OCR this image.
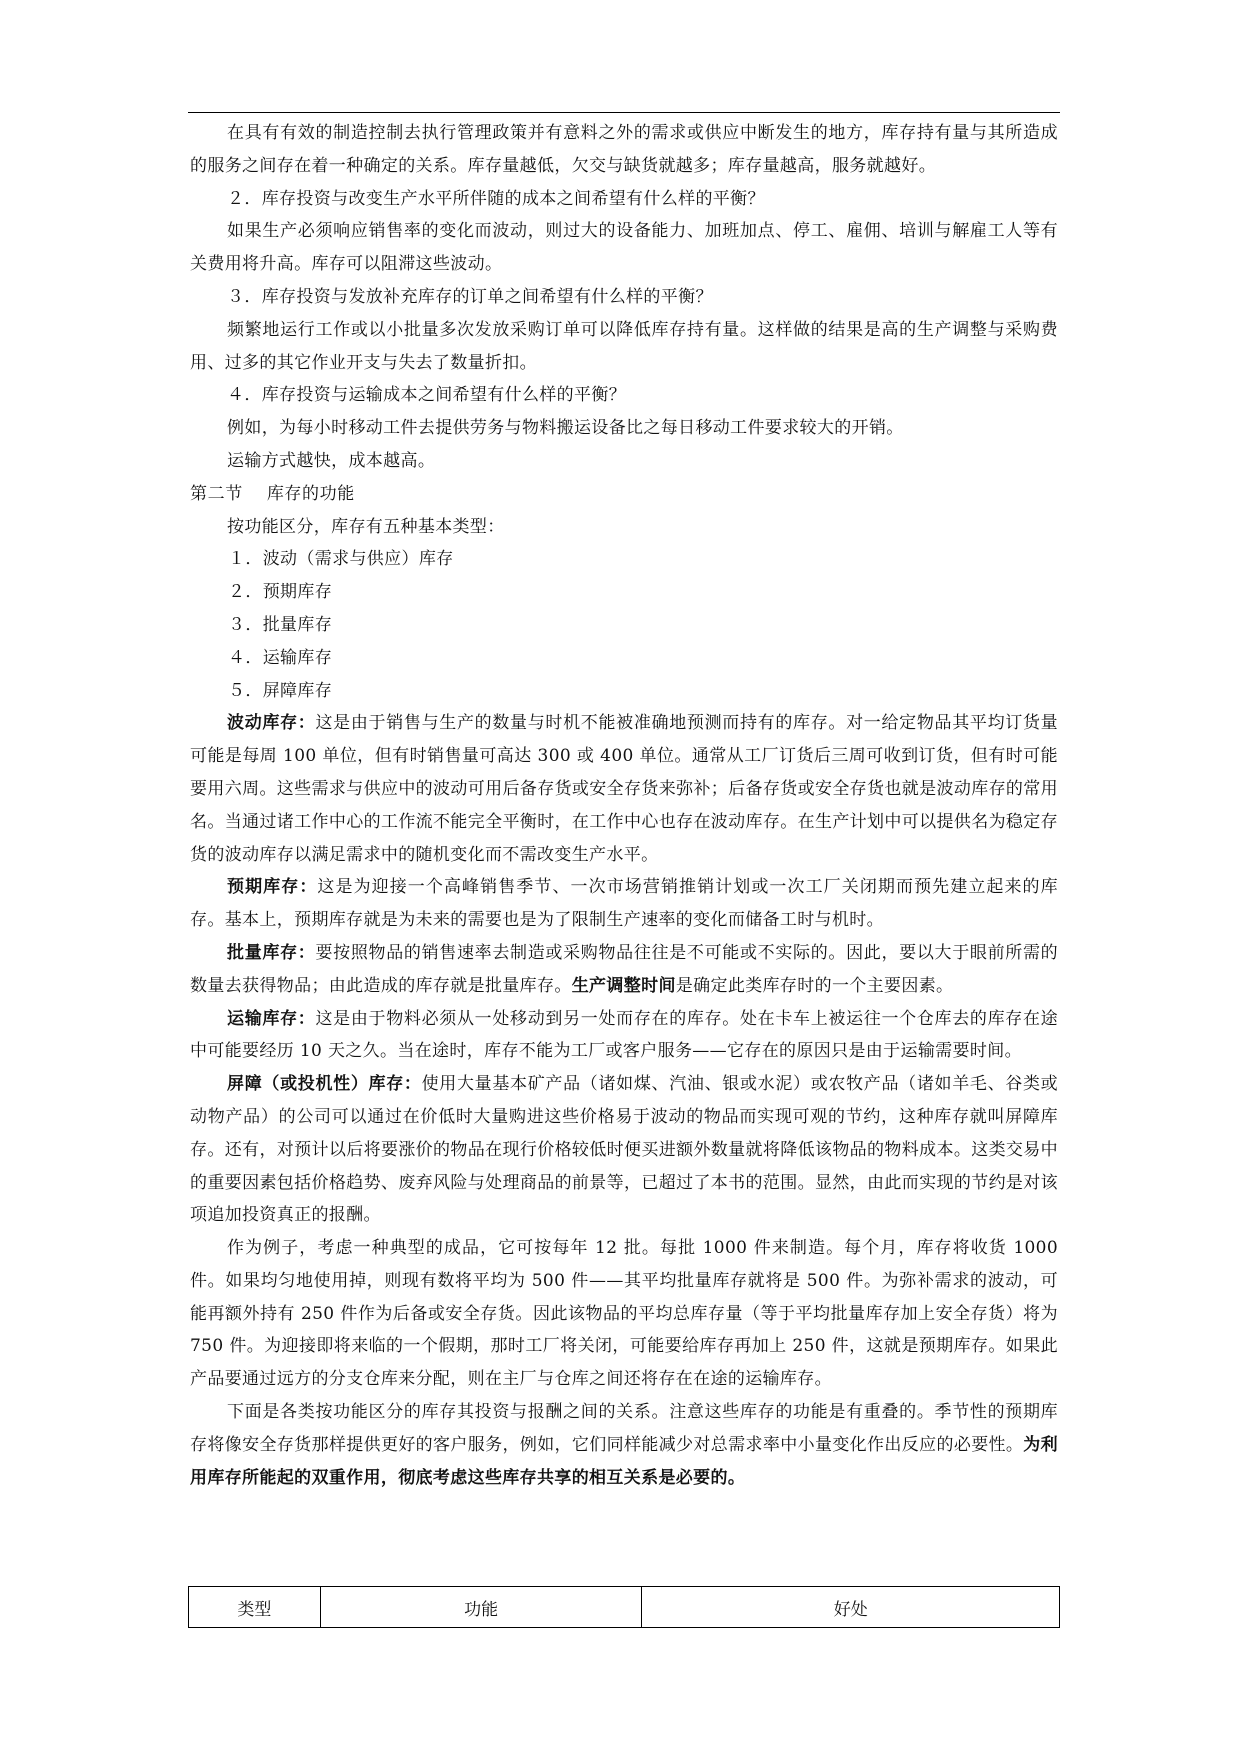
在具有有效的制造控制去执行管理政策并有意料之外的需求或供应中断发生的地方，库存持有量与其所造成的服务之间存在着一种确定的关系。库存量越低，欠交与缺货就越多；库存量越高，服务就越好。

２．库存投资与改变生产水平所伴随的成本之间希望有什么样的平衡？

如果生产必须响应销售率的变化而波动，则过大的设备能力、加班加点、停工、雇佣、培训与解雇工人等有关费用将升高。库存可以阻滞这些波动。

３．库存投资与发放补充库存的订单之间希望有什么样的平衡？

频繁地运行工作或以小批量多次发放采购订单可以降低库存持有量。这样做的结果是高的生产调整与采购费用、过多的其它作业开支与失去了数量折扣。

４．库存投资与运输成本之间希望有什么样的平衡？

例如，为每小时移动工件去提供劳务与物料搬运设备比之每日移动工件要求较大的开销。

运输方式越快，成本越高。

第二节 库存的功能

按功能区分，库存有五种基本类型：

１．波动（需求与供应）库存

２．预期库存

３．批量库存

４．运输库存

５．屏障库存

波动库存：这是由于销售与生产的数量与时机不能被准确地预测而持有的库存。对一给定物品其平均订货量可能是每周 100 单位，但有时销售量可高达 300 或 400 单位。通常从工厂订货后三周可收到订货，但有时可能要用六周。这些需求与供应中的波动可用后备存货或安全存货来弥补；后备存货或安全存货也就是波动库存的常用名。当通过诸工作中心的工作流不能完全平衡时，在工作中心也存在波动库存。在生产计划中可以提供名为稳定存货的波动库存以满足需求中的随机变化而不需改变生产水平。

预期库存：这是为迎接一个高峰销售季节、一次市场营销推销计划或一次工厂关闭期而预先建立起来的库存。基本上，预期库存就是为未来的需要也是为了限制生产速率的变化而储备工时与机时。

批量库存：要按照物品的销售速率去制造或采购物品往往是不可能或不实际的。因此，要以大于眼前所需的数量去获得物品；由此造成的库存就是批量库存。生产调整时间是确定此类库存时的一个主要因素。

运输库存：这是由于物料必须从一处移动到另一处而存在的库存。处在卡车上被运往一个仓库去的库存在途中可能要经历 10 天之久。当在途时，库存不能为工厂或客户服务——它存在的原因只是由于运输需要时间。

屏障（或投机性）库存：使用大量基本矿产品（诸如煤、汽油、银或水泥）或农牧产品（诸如羊毛、谷类或动物产品）的公司可以通过在价低时大量购进这些价格易于波动的物品而实现可观的节约，这种库存就叫屏障库存。还有，对预计以后将要涨价的物品在现行价格较低时便买进额外数量就将降低该物品的物料成本。这类交易中的重要因素包括价格趋势、废弃风险与处理商品的前景等，已超过了本书的范围。显然，由此而实现的节约是对该项追加投资真正的报酬。

作为例子，考虑一种典型的成品，它可按每年 12 批。每批 1000 件来制造。每个月，库存将收货 1000 件。如果均匀地使用掉，则现有数将平均为 500 件——其平均批量库存就将是 500 件。为弥补需求的波动，可能再额外持有 250 件作为后备或安全存货。因此该物品的平均总库存量（等于平均批量库存加上安全存货）将为 750 件。为迎接即将来临的一个假期，那时工厂将关闭，可能要给库存再加上 250 件，这就是预期库存。如果此产品要通过远方的分支仓库来分配，则在主厂与仓库之间还将存在在途的运输库存。

下面是各类按功能区分的库存其投资与报酬之间的关系。注意这些库存的功能是有重叠的。季节性的预期库存将像安全存货那样提供更好的客户服务，例如，它们同样能减少对总需求率中小量变化作出反应的必要性。为利用库存所能起的双重作用，彻底考虑这些库存共享的相互关系是必要的。

类型	功能	好处
